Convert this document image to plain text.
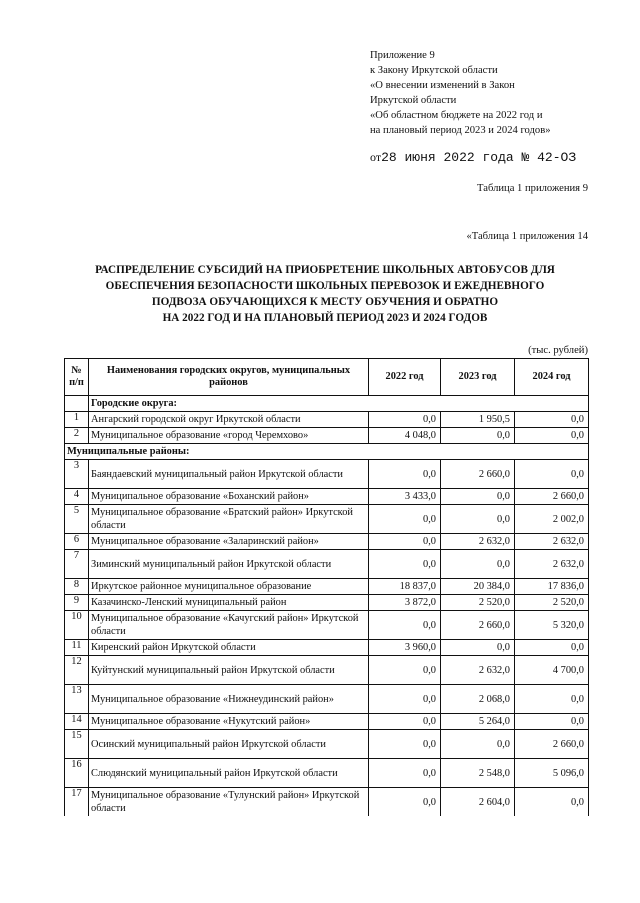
Приложение 9
к Закону Иркутской области
«О внесении изменений в Закон
Иркутской области
«Об областном бюджете на 2022 год и
на плановый период 2023 и 2024 годов»
от28 июня 2022 года № 42-ОЗ
Таблица 1 приложения 9
«Таблица 1 приложения 14
РАСПРЕДЕЛЕНИЕ СУБСИДИЙ НА ПРИОБРЕТЕНИЕ ШКОЛЬНЫХ АВТОБУСОВ ДЛЯ
ОБЕСПЕЧЕНИЯ БЕЗОПАСНОСТИ ШКОЛЬНЫХ ПЕРЕВОЗОК И ЕЖЕДНЕВНОГО
ПОДВОЗА ОБУЧАЮЩИХСЯ К МЕСТУ ОБУЧЕНИЯ И ОБРАТНО
НА 2022 ГОД И НА ПЛАНОВЫЙ ПЕРИОД 2023 И 2024 ГОДОВ
(тыс. рублей)
№ п/п	Наименования городских округов, муниципальных районов	2022 год	2023 год	2024 год
	Городские округа:			
1	Ангарский городской округ Иркутской области	0,0	1 950,5	0,0
2	Муниципальное образование «город Черемхово»	4 048,0	0,0	0,0
Муниципальные районы:				
3	Баяндаевский муниципальный район Иркутской области	0,0	2 660,0	0,0
4	Муниципальное образование «Боханский район»	3 433,0	0,0	2 660,0
5	Муниципальное образование «Братский район» Иркутской области	0,0	0,0	2 002,0
6	Муниципальное образование «Заларинский район»	0,0	2 632,0	2 632,0
7	Зиминский муниципальный район Иркутской области	0,0	0,0	2 632,0
8	Иркутское районное муниципальное образование	18 837,0	20 384,0	17 836,0
9	Казачинско-Ленский муниципальный район	3 872,0	2 520,0	2 520,0
10	Муниципальное образование «Качугский район» Иркутской области	0,0	2 660,0	5 320,0
11	Киренский район Иркутской области	3 960,0	0,0	0,0
12	Куйтунский муниципальный район Иркутской области	0,0	2 632,0	4 700,0
13	Муниципальное образование «Нижнеудинский район»	0,0	2 068,0	0,0
14	Муниципальное образование «Нукутский район»	0,0	5 264,0	0,0
15	Осинский муниципальный район Иркутской области	0,0	0,0	2 660,0
16	Слюдянский муниципальный район Иркутской области	0,0	2 548,0	5 096,0
17	Муниципальное образование «Тулунский район» Иркутской области	0,0	2 604,0	0,0
